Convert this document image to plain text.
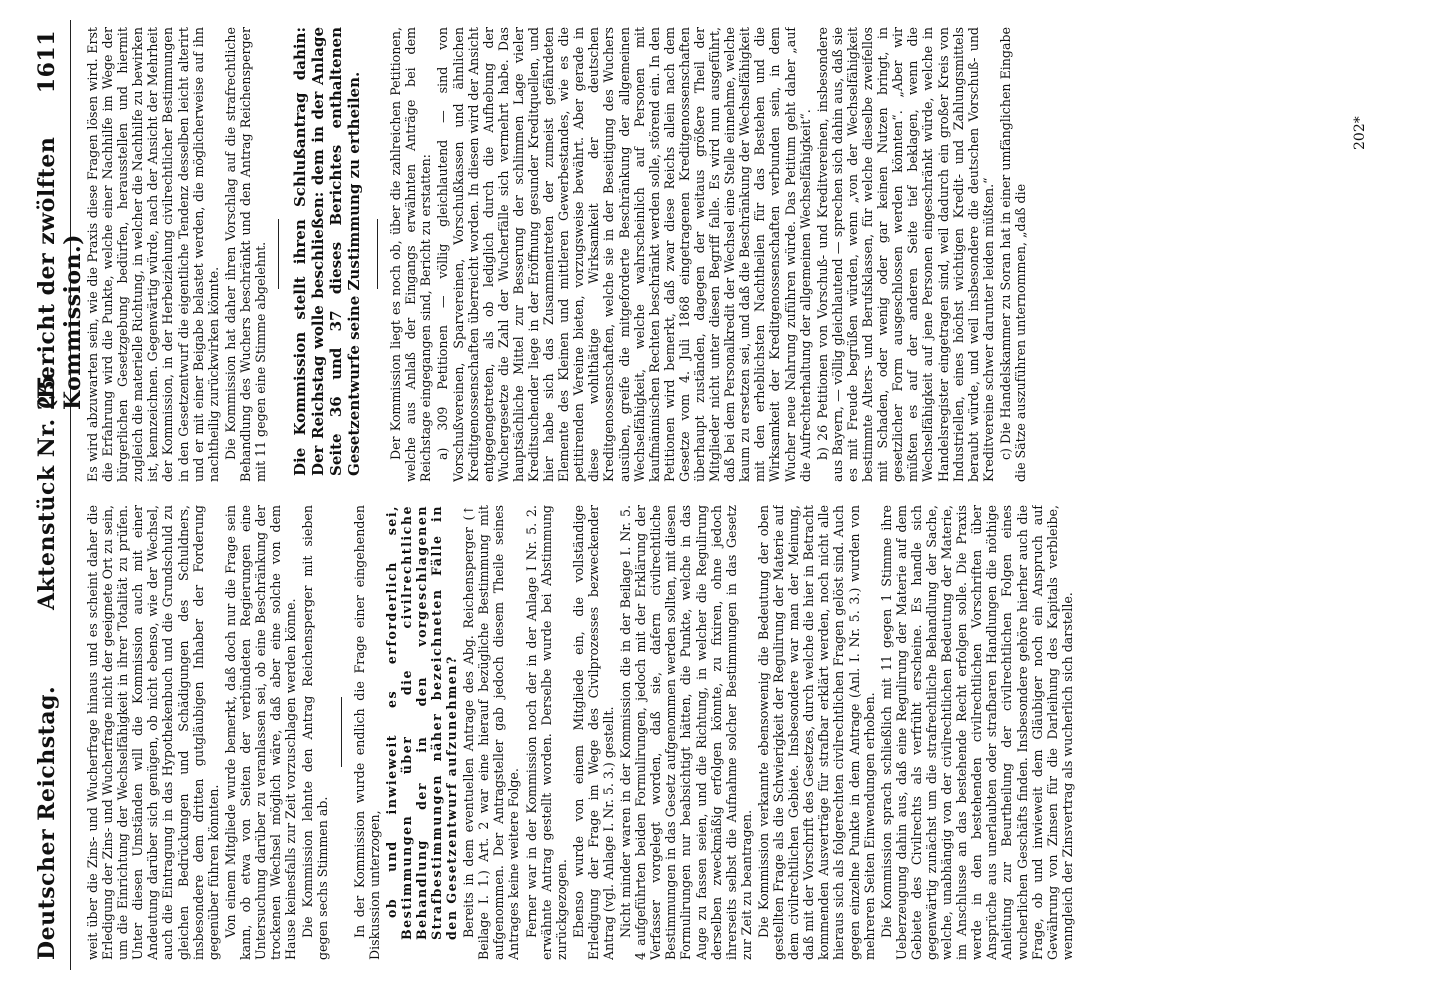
Deutscher Reichstag.
Aktenstück Nr. 2⁄5.
(Bericht der zwölften Kommission.)
1611

weit über die Zins- und Wucherfrage hinaus und es scheint daher die Erledigung der Zins- und Wucherfrage nicht der geeignete Ort zu sein, um die Einrichtung der Wechselfähigkeit in ihrer Totalität zu prüfen. Unter diesen Umständen will die Kommission auch mit einer Andeutung darüber sich genügen, ob nicht ebenso, wie der Wechsel, auch die Eintragung in das Hypothekenbuch und die Grundschuld zu gleichen Bedrückungen und Schädigungen des Schuldners, insbesondere dem dritten gutgläubigen Inhaber der Forderung gegenüber führen könnten. Von einem Mitgliede wurde bemerkt, daß doch nur die Frage sein kann, ob etwa von Seiten der verbündeten Regierungen eine Untersuchung darüber zu veranlassen sei, ob eine Beschränkung der trockenen Wechsel möglich wäre, daß aber eine solche von dem Hause keinesfalls zur Zeit vorzuschlagen werden könne. Die Kommission lehnte den Antrag Reichensperger mit sieben gegen sechs Stimmen ab. In der Kommission wurde endlich die Frage einer eingehenden Diskussion unterzogen, ob und inwieweit es erforderlich sei, Bestimmungen über die civilrechtliche Behandlung der in den vorgeschlagenen Strafbestimmungen näher bezeichneten Fälle in den Gesetzentwurf aufzunehmen? Bereits in dem eventuellen Antrage des Abg. Reichensperger (↑ Beilage I. 1.) Art. 2 war eine hierauf bezügliche Bestimmung mit aufgenommen. Der Antragsteller gab jedoch diesem Theile seines Antrages keine weitere Folge. Ferner war in der Kommission noch der in der Anlage I Nr. 5. 2. erwähnte Antrag gestellt worden. Derselbe wurde bei Abstimmung zurückgezogen. Ebenso wurde von einem Mitgliede ein, die vollständige Erledigung der Frage im Wege des Civilprozesses bezweckender Antrag (vgl. Anlage I. Nr. 5. 3.) gestellt. Nicht minder waren in der Kommission die in der Beilage I. Nr. 5. 4 aufgeführten beiden Formulirungen, jedoch mit der Erklärung der Verfasser vorgelegt worden, daß sie, dafern civilrechtliche Bestimmungen in das Gesetz aufgenommen werden sollten, mit diesen Formulirungen nur beabsichtigt hätten, die Punkte, welche in das Auge zu fassen seien, und die Richtung, in welcher die Regulirung derselben zweckmäßig erfolgen könnte, zu fixiren, ohne jedoch ihrerseits selbst die Aufnahme solcher Bestimmungen in das Gesetz zur Zeit zu beantragen. Die Kommission verkannte ebensowenig die Bedeutung der oben gestellten Frage als die Schwierigkeit der Regulirung der Materie auf dem civilrechtlichen Gebiete. Insbesondere war man der Meinung, daß mit der Vorschrift des Gesetzes, durch welche die hier in Betracht kommenden Ausverträge für strafbar erklärt werden, noch nicht alle hieraus sich als folgerechten civilrechtlichen Fragen gelöst sind. Auch gegen einzelne Punkte in dem Antrage (Anl. I. Nr. 5. 3.) wurden von mehreren Seiten Einwendungen erhoben. Die Kommission sprach schließlich mit 11 gegen 1 Stimme ihre Ueberzeugung dahin aus, daß eine Regulirung der Materie auf dem Gebiete des Civilrechts als verfrüht erscheine. Es handle sich gegenwärtig zunächst um die strafrechtliche Behandlung der Sache, welche, unabhängig von der civilrechtlichen Bedeutung der Materie, im Anschlusse an das bestehende Recht erfolgen solle. Die Praxis werde in den bestehenden civilrechtlichen Vorschriften über Ansprüche aus unerlaubten oder strafbaren Handlungen die nöthige Anleitung zur Beurtheilung der civilrechtlichen Folgen eines wucherlichen Geschäfts finden. Insbesondere gehöre hierher auch die Frage, ob und inwieweit dem Gläubiger noch ein Anspruch auf Gewährung von Zinsen für die Darleihung des Kapitals verbleibe, wenngleich der Zinsvertrag als wucherlich sich darstelle.

Es wird abzuwarten sein, wie die Praxis diese Fragen lösen wird. Erst die Erfahrung wird die Punkte, welche einer Nachhilfe im Wege der bürgerlichen Gesetzgebung bedürfen, herausstellen und hiermit zugleich die materielle Richtung, in welcher die Nachhilfe zu bewirken ist, kennzeichnen. Gegenwärtig würde, nach der Ansicht der Mehrheit der Kommission, in der Herbeiziehung civilrechtlicher Bestimmungen in den Gesetzentwurf die eigentliche Tendenz desselben leicht alterirt und er mit einer Beigabe belastet werden, die möglicherweise auf ihn nachtheilig zurückwirken könnte. Die Kommission hat daher ihren Vorschlag auf die strafrechtliche Behandlung des Wuchers beschränkt und den Antrag Reichensperger mit 11 gegen eine Stimme abgelehnt. Die Kommission stellt ihren Schlußantrag dahin: Der Reichstag wolle beschließen: dem in der Anlage Seite 36 und 37 dieses Berichtes enthaltenen Gesetzentwurfe seine Zustimmung zu ertheilen. Der Kommission liegt es noch ob, über die zahlreichen Petitionen, welche aus Anlaß der Eingangs erwähnten Anträge bei dem Reichstage eingegangen sind, Bericht zu erstatten: a) 309 Petitionen — völlig gleichlautend — sind von Vorschußvereinen, Sparvereinen, Vorschußkassen und ähnlichen Kreditgenossenschaften überreicht worden. In diesen wird der Ansicht entgegengetreten, als ob lediglich durch die Aufhebung der Wuchergesetze die Zahl der Wucherfälle sich vermehrt habe. Das hauptsächliche Mittel zur Besserung der schlimmen Lage vieler Kreditsuchender liege in der Eröffnung gesunder Kreditquellen, und hier habe sich das Zusammentreten der zumeist gefährdeten Elemente des Kleinen und mittleren Gewerbestandes, wie es die petitirenden Vereine bieten, vorzugsweise bewährt. Aber gerade in diese wohlthätige Wirksamkeit der deutschen Kreditgenossenschaften, welche sie in der Beseitigung des Wuchers ausüben, greife die mitgeforderte Beschränkung der allgemeinen Wechselfähigkeit, welche wahrscheinlich auf Personen mit kaufmännischen Rechten beschränkt werden solle, störend ein. In den Petitionen wird bemerkt, daß zwar diese Reichs allein nach dem Gesetze vom 4. Juli 1868 eingetragenen Kreditgenossenschaften überhaupt zuständen, dagegen der weitaus größere Theil der Mitglieder nicht unter diesen Begriff falle. Es wird nun ausgeführt, daß bei dem Personalkredit der Wechsel eine Stelle einnehme, welche kaum zu ersetzen sei, und daß die Beschränkung der Wechselfähigkeit mit den erheblichsten Nachtheilen für das Bestehen und die Wirksamkeit der Kreditgenossenschaften verbunden sein, in dem Wucher neue Nahrung zuführen würde. Das Petitum geht daher „auf die Aufrechterhaltung der allgemeinen Wechselfähigkeit“. b) 26 Petitionen von Vorschuß- und Kreditvereinen, insbesondere aus Bayern, — völlig gleichlautend — sprechen sich dahin aus, daß sie es mit Freude begrüßen würden, wenn „von der Wechselfähigkeit bestimmte Alters- und Berufsklassen, für welche dieselbe zweifellos mit Schaden, oder wenig oder gar keinen Nutzen bringt, in gesetzlicher Form ausgeschlossen werden könnten“. „Aber wir müßten es auf der anderen Seite tief beklagen, wenn die Wechselfähigkeit auf jene Personen eingeschränkt würde, welche in Handelsregister eingetragen sind, weil dadurch ein großer Kreis von Industriellen, eines höchst wichtigen Kredit- und Zahlungsmittels beraubt würde, und weil insbesondere die deutschen Vorschuß- und Kreditvereine schwer darunter leiden müßten.“ c) Die Handelskammer zu Soran hat in einer umfänglichen Eingabe die Sätze auszuführen unternommen, „daß die

202*
